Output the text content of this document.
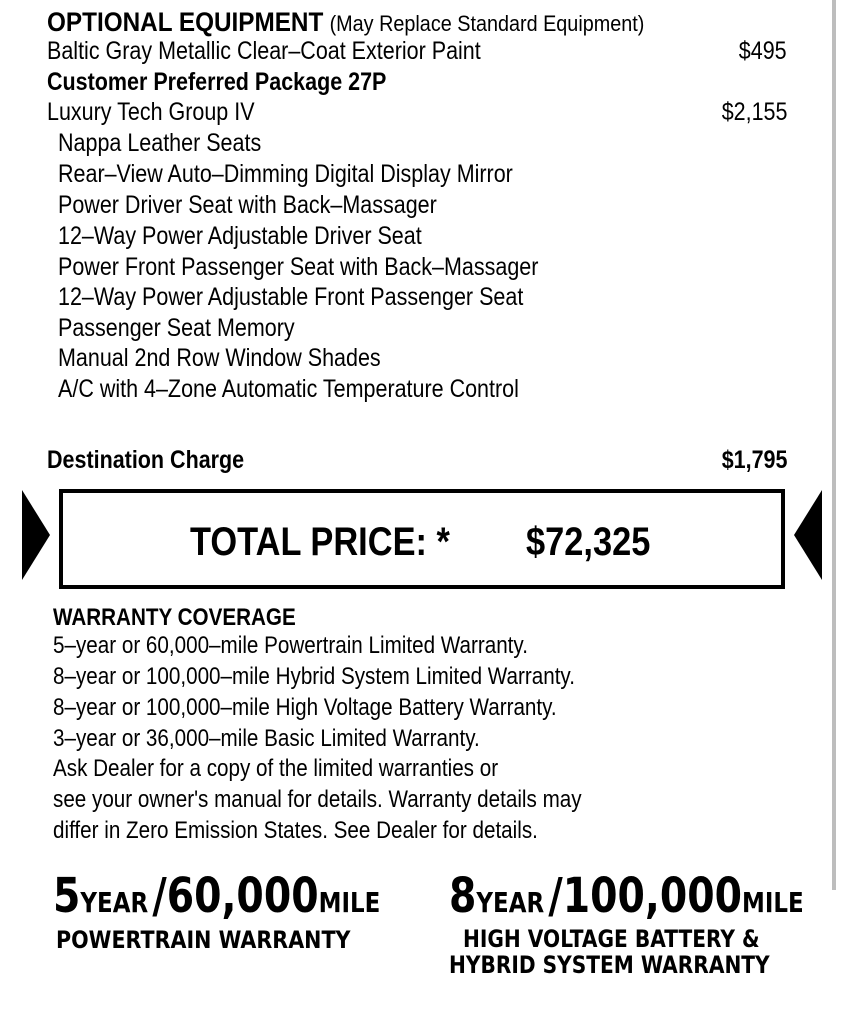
OPTIONAL EQUIPMENT (May Replace Standard Equipment)
Baltic Gray Metallic Clear–Coat Exterior Paint	$495
Customer Preferred Package 27P
Luxury Tech Group IV	$2,155
Nappa Leather Seats
Rear–View Auto–Dimming Digital Display Mirror
Power Driver Seat with Back–Massager
12–Way Power Adjustable Driver Seat
Power Front Passenger Seat with Back–Massager
12–Way Power Adjustable Front Passenger Seat
Passenger Seat Memory
Manual 2nd Row Window Shades
A/C with 4–Zone Automatic Temperature Control
Destination Charge	$1,795
TOTAL PRICE: *	$72,325
WARRANTY COVERAGE
5–year or 60,000–mile Powertrain Limited Warranty.
8–year or 100,000–mile Hybrid System Limited Warranty.
8–year or 100,000–mile High Voltage Battery Warranty.
3–year or 36,000–mile Basic Limited Warranty.
Ask Dealer for a copy of the limited warranties or
see your owner's manual for details. Warranty details may
differ in Zero Emission States. See Dealer for details.
5YEAR /60,000MILE
POWERTRAIN WARRANTY
8YEAR /100,000MILE
HIGH VOLTAGE BATTERY &
HYBRID SYSTEM WARRANTY
